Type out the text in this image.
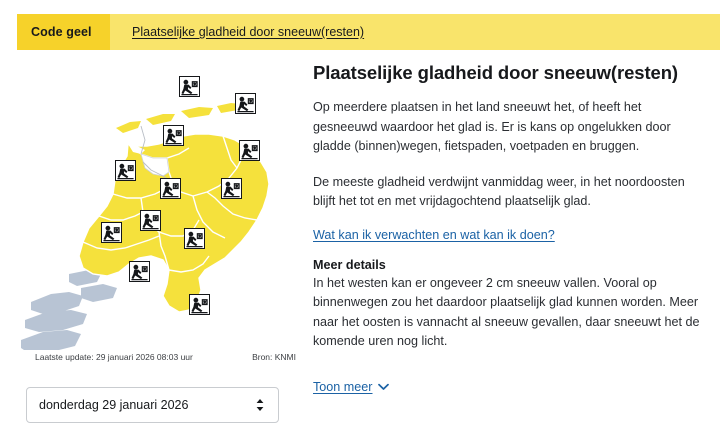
Code geel	Plaatselijke gladheid door sneeuw(resten)
Laatste update: 29 januari 2026 08:03 uur	Bron: KNMI
donderdag 29 januari 2026
Plaatselijke gladheid door sneeuw(resten)

Op meerdere plaatsen in het land sneeuwt het, of heeft het gesneeuwd waardoor het glad is. Er is kans op ongelukken door gladde (binnen)wegen, fietspaden, voetpaden en bruggen.

De meeste gladheid verdwijnt vanmiddag weer, in het noordoosten blijft het tot en met vrijdagochtend plaatselijk glad.

Wat kan ik verwachten en wat kan ik doen?
Meer details

In het westen kan er ongeveer 2 cm sneeuw vallen. Vooral op binnenwegen zou het daardoor plaatselijk glad kunnen worden. Meer naar het oosten is vannacht al sneeuw gevallen, daar sneeuwt het de komende uren nog licht.

Toon meer
